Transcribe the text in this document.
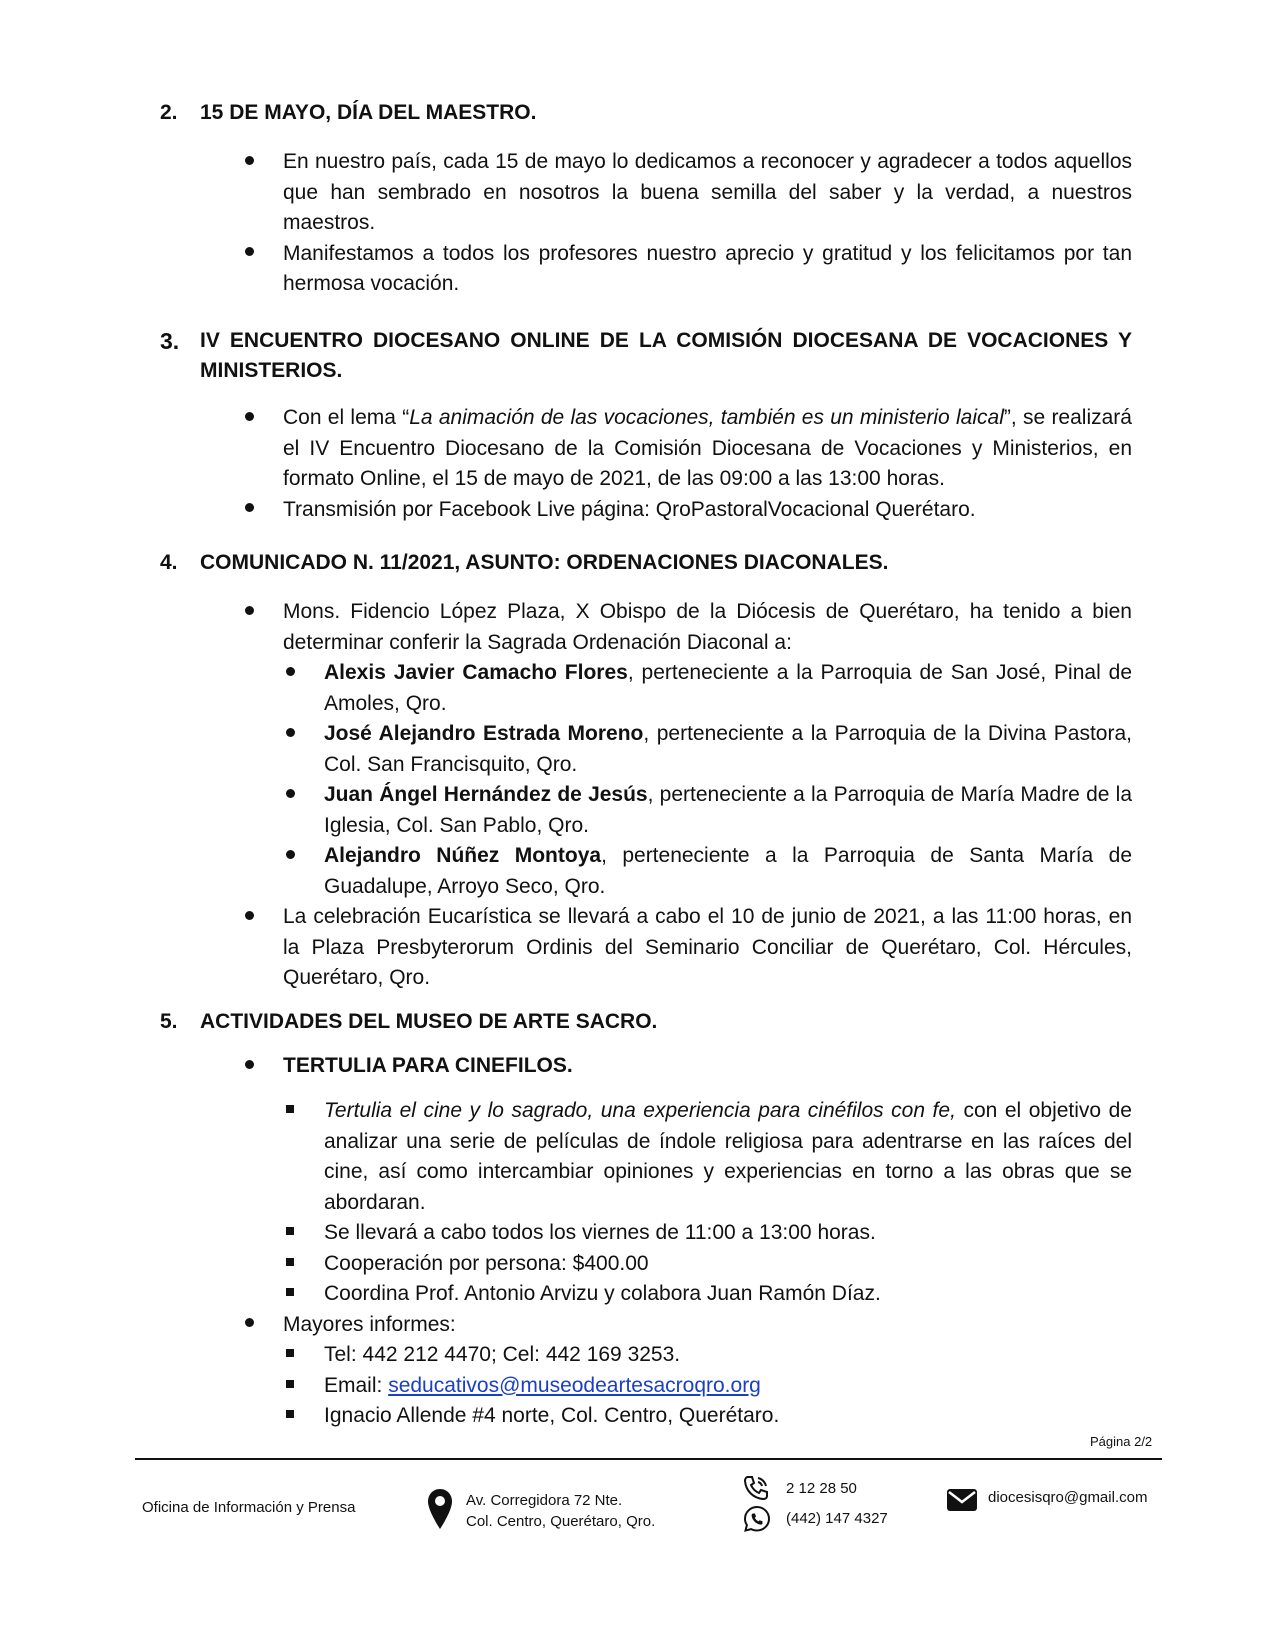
2. 15 DE MAYO, DÍA DEL MAESTRO.
En nuestro país, cada 15 de mayo lo dedicamos a reconocer y agradecer a todos aquellos que han sembrado en nosotros la buena semilla del saber y la verdad, a nuestros maestros.
Manifestamos a todos los profesores nuestro aprecio y gratitud y los felicitamos por tan hermosa vocación.
3. IV ENCUENTRO DIOCESANO ONLINE DE LA COMISIÓN DIOCESANA DE VOCACIONES Y MINISTERIOS.
Con el lema “La animación de las vocaciones, también es un ministerio laical”, se realizará el IV Encuentro Diocesano de la Comisión Diocesana de Vocaciones y Ministerios, en formato Online, el 15 de mayo de 2021, de las 09:00 a las 13:00 horas.
Transmisión por Facebook Live página: QroPastoralVocacional Querétaro.
4. COMUNICADO N. 11/2021, ASUNTO: ORDENACIONES DIACONALES.
Mons. Fidencio López Plaza, X Obispo de la Diócesis de Querétaro, ha tenido a bien determinar conferir la Sagrada Ordenación Diaconal a:
Alexis Javier Camacho Flores, perteneciente a la Parroquia de San José, Pinal de Amoles, Qro.
José Alejandro Estrada Moreno, perteneciente a la Parroquia de la Divina Pastora, Col. San Francisquito, Qro.
Juan Ángel Hernández de Jesús, perteneciente a la Parroquia de María Madre de la Iglesia, Col. San Pablo, Qro.
Alejandro Núñez Montoya, perteneciente a la Parroquia de Santa María de Guadalupe, Arroyo Seco, Qro.
La celebración Eucarística se llevará a cabo el 10 de junio de 2021, a las 11:00 horas, en la Plaza Presbyterorum Ordinis del Seminario Conciliar de Querétaro, Col. Hércules, Querétaro, Qro.
5. ACTIVIDADES DEL MUSEO DE ARTE SACRO.
TERTULIA PARA CINEFILOS.
Tertulia el cine y lo sagrado, una experiencia para cinéfilos con fe, con el objetivo de analizar una serie de películas de índole religiosa para adentrarse en las raíces del cine, así como intercambiar opiniones y experiencias en torno a las obras que se abordaran.
Se llevará a cabo todos los viernes de 11:00 a 13:00 horas.
Cooperación por persona: $400.00
Coordina Prof. Antonio Arvizu y colabora Juan Ramón Díaz.
Mayores informes:
Tel: 442 212 4470; Cel: 442 169 3253.
Email: seducativos@museodeartesacroqro.org
Ignacio Allende #4 norte, Col. Centro, Querétaro.
Página 2/2
Oficina de Información y Prensa	Av. Corregidora 72 Nte.
Col. Centro, Querétaro, Qro.
2 12 28 50
(442) 147 4327
diocesisqro@gmail.com
